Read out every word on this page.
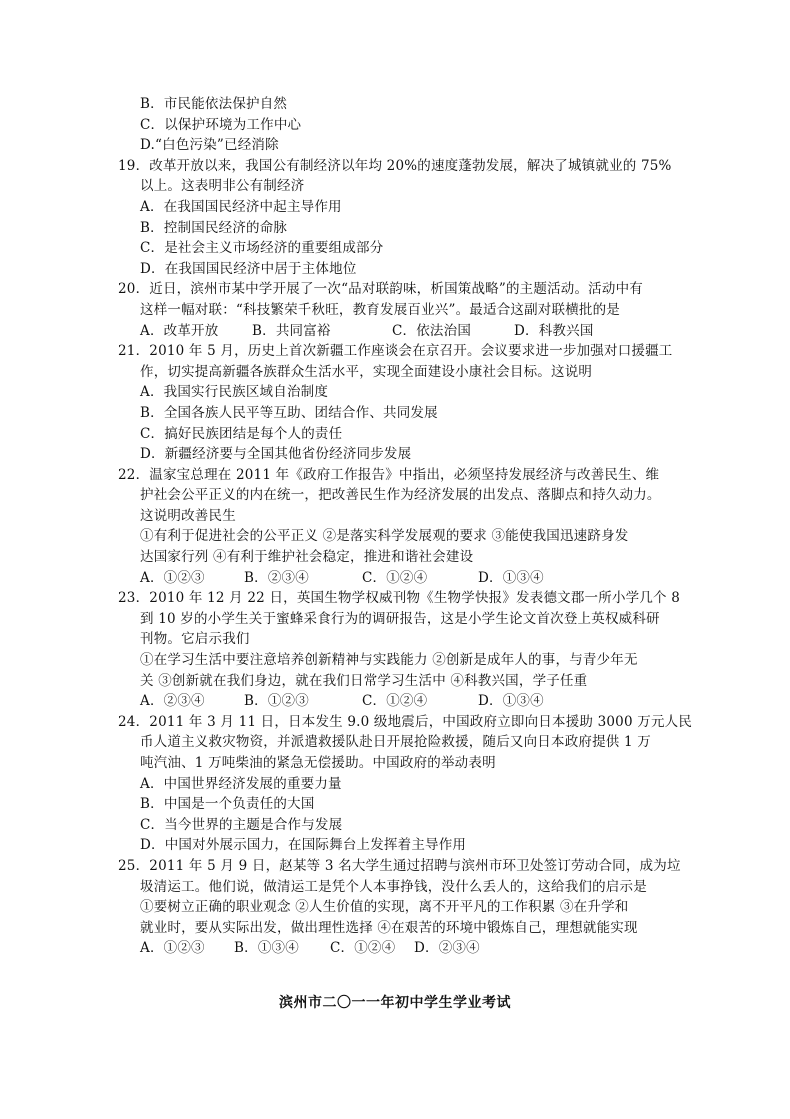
B．市民能依法保护自然
C．以保护环境为工作中心
D.“白色污染”已经消除
19．改革开放以来，我国公有制经济以年均 20%的速度蓬勃发展，解决了城镇就业的 75%
以上。这表明非公有制经济
A．在我国国民经济中起主导作用
B．控制国民经济的命脉
C．是社会主义市场经济的重要组成部分
D．在我国国民经济中居于主体地位
20．近日，滨州市某中学开展了一次“品对联韵味，析国策战略”的主题活动。活动中有
这样一幅对联：“科技繁荣千秋旺，教育发展百业兴”。最适合这副对联横批的是
A．改革开放	B．共同富裕	C．依法治国	D．科教兴国
21．2010 年 5 月，历史上首次新疆工作座谈会在京召开。会议要求进一步加强对口援疆工
作，切实提高新疆各族群众生活水平，实现全面建设小康社会目标。这说明
A．我国实行民族区域自治制度
B．全国各族人民平等互助、团结合作、共同发展
C．搞好民族团结是每个人的责任
D．新疆经济要与全国其他省份经济同步发展
22．温家宝总理在 2011 年《政府工作报告》中指出，必须坚持发展经济与改善民生、维
护社会公平正义的内在统一，把改善民生作为经济发展的出发点、落脚点和持久动力。
这说明改善民生
①有利于促进社会的公平正义 ②是落实科学发展观的要求 ③能使我国迅速跻身发
达国家行列 ④有利于维护社会稳定，推进和谐社会建设
A．①②③	B．②③④	C．①②④	D．①③④
23．2010 年 12 月 22 日，英国生物学权威刊物《生物学快报》发表德文郡一所小学几个 8
到 10 岁的小学生关于蜜蜂采食行为的调研报告，这是小学生论文首次登上英权威科研
刊物。它启示我们
①在学习生活中要注意培养创新精神与实践能力 ②创新是成年人的事，与青少年无
关 ③创新就在我们身边，就在我们日常学习生活中 ④科教兴国，学子任重
A．②③④	B．①②③	C．①②④	D．①③④
24．2011 年 3 月 11 日，日本发生 9.0 级地震后，中国政府立即向日本援助 3000 万元人民
币人道主义救灾物资，并派遣救援队赴日开展抢险救援，随后又向日本政府提供 1 万
吨汽油、1 万吨柴油的紧急无偿援助。中国政府的举动表明
A．中国世界经济发展的重要力量
B．中国是一个负责任的大国
C．当今世界的主题是合作与发展
D．中国对外展示国力，在国际舞台上发挥着主导作用
25．2011 年 5 月 9 日，赵某等 3 名大学生通过招聘与滨州市环卫处签订劳动合同，成为垃
圾清运工。他们说，做清运工是凭个人本事挣钱，没什么丢人的，这给我们的启示是
①要树立正确的职业观念 ②人生价值的实现，离不开平凡的工作积累 ③在升学和
就业时，要从实际出发，做出理性选择 ④在艰苦的环境中锻炼自己，理想就能实现
A．①②③	B．①③④	C．①②④	D．②③④
滨州市二〇一一年初中学生学业考试
